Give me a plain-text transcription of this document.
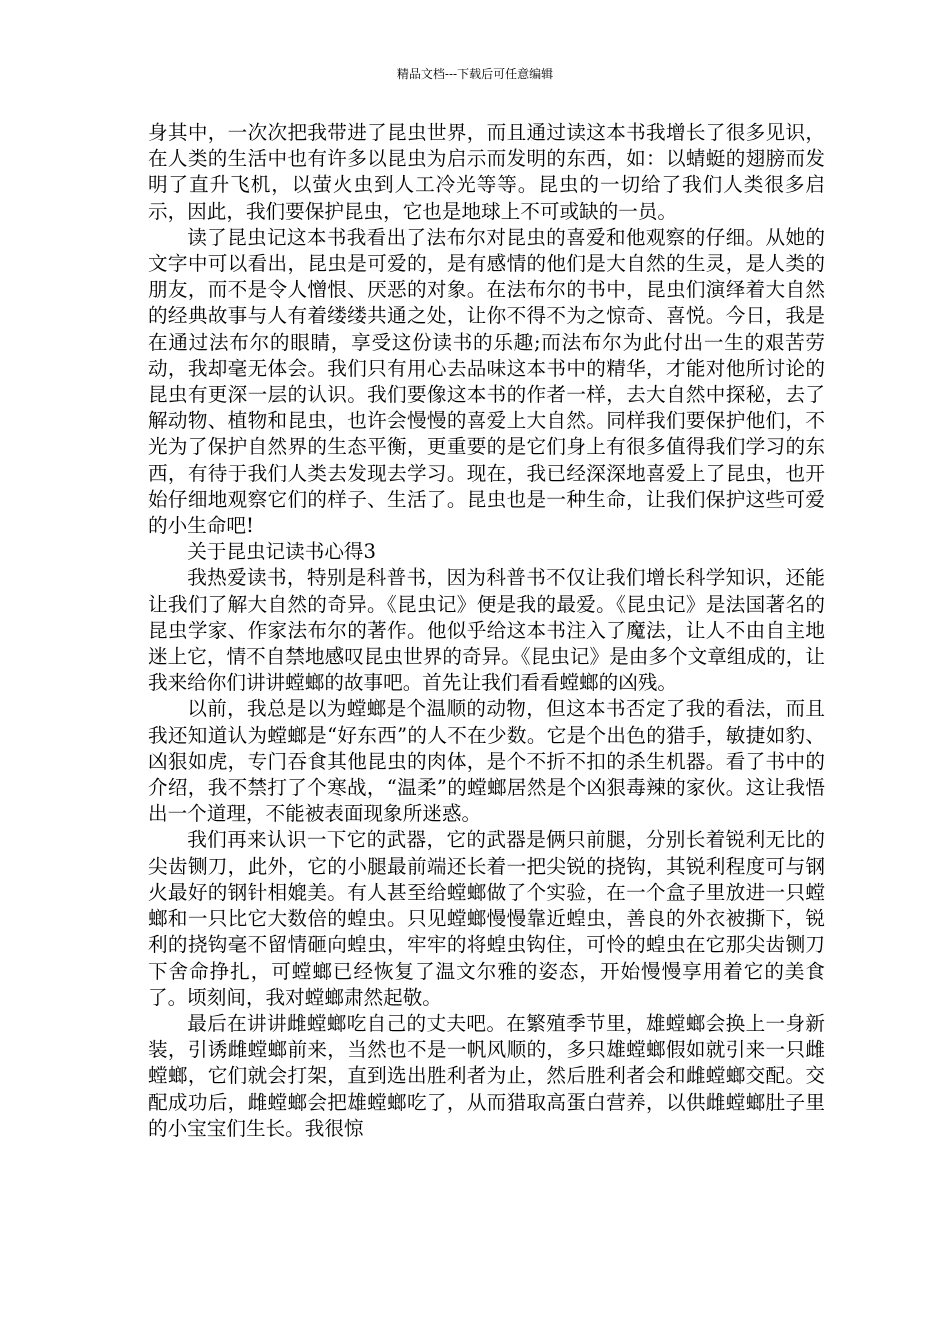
精品文档---下载后可任意编辑

身其中，一次次把我带进了昆虫世界，而且通过读这本书我增长了很多见识，在人类的生活中也有许多以昆虫为启示而发明的东西，如：以蜻蜓的翅膀而发明了直升飞机，以萤火虫到人工冷光等等。昆虫的一切给了我们人类很多启示，因此，我们要保护昆虫，它也是地球上不可或缺的一员。

读了昆虫记这本书我看出了法布尔对昆虫的喜爱和他观察的仔细。从她的文字中可以看出，昆虫是可爱的，是有感情的他们是大自然的生灵，是人类的朋友，而不是令人憎恨、厌恶的对象。在法布尔的书中，昆虫们演绎着大自然的经典故事与人有着缕缕共通之处，让你不得不为之惊奇、喜悦。今日，我是在通过法布尔的眼睛，享受这份读书的乐趣;而法布尔为此付出一生的艰苦劳动，我却毫无体会。我们只有用心去品味这本书中的精华，才能对他所讨论的昆虫有更深一层的认识。我们要像这本书的作者一样，去大自然中探秘，去了解动物、植物和昆虫，也许会慢慢的喜爱上大自然。同样我们要保护他们，不光为了保护自然界的生态平衡，更重要的是它们身上有很多值得我们学习的东西，有待于我们人类去发现去学习。现在，我已经深深地喜爱上了昆虫，也开始仔细地观察它们的样子、生活了。昆虫也是一种生命，让我们保护这些可爱的小生命吧!

关于昆虫记读书心得3

我热爱读书，特别是科普书，因为科普书不仅让我们增长科学知识，还能让我们了解大自然的奇异。《昆虫记》便是我的最爱。《昆虫记》是法国著名的昆虫学家、作家法布尔的著作。他似乎给这本书注入了魔法，让人不由自主地迷上它，情不自禁地感叹昆虫世界的奇异。《昆虫记》是由多个文章组成的，让我来给你们讲讲螳螂的故事吧。首先让我们看看螳螂的凶残。

以前，我总是以为螳螂是个温顺的动物，但这本书否定了我的看法，而且我还知道认为螳螂是“好东西”的人不在少数。它是个出色的猎手，敏捷如豹、凶狠如虎，专门吞食其他昆虫的肉体，是个不折不扣的杀生机器。看了书中的介绍，我不禁打了个寒战，“温柔”的螳螂居然是个凶狠毒辣的家伙。这让我悟出一个道理，不能被表面现象所迷惑。

我们再来认识一下它的武器，它的武器是俩只前腿，分别长着锐利无比的尖齿铡刀，此外，它的小腿最前端还长着一把尖锐的挠钩，其锐利程度可与钢火最好的钢针相媲美。有人甚至给螳螂做了个实验，在一个盒子里放进一只螳螂和一只比它大数倍的蝗虫。只见螳螂慢慢靠近蝗虫，善良的外衣被撕下，锐利的挠钩毫不留情砸向蝗虫，牢牢的将蝗虫钩住，可怜的蝗虫在它那尖齿铡刀下舍命挣扎，可螳螂已经恢复了温文尔雅的姿态，开始慢慢享用着它的美食了。顷刻间，我对螳螂肃然起敬。

最后在讲讲雌螳螂吃自己的丈夫吧。在繁殖季节里，雄螳螂会换上一身新装，引诱雌螳螂前来，当然也不是一帆风顺的，多只雄螳螂假如就引来一只雌螳螂，它们就会打架，直到选出胜利者为止，然后胜利者会和雌螳螂交配。交配成功后，雌螳螂会把雄螳螂吃了，从而猎取高蛋白营养，以供雌螳螂肚子里的小宝宝们生长。我很惊
